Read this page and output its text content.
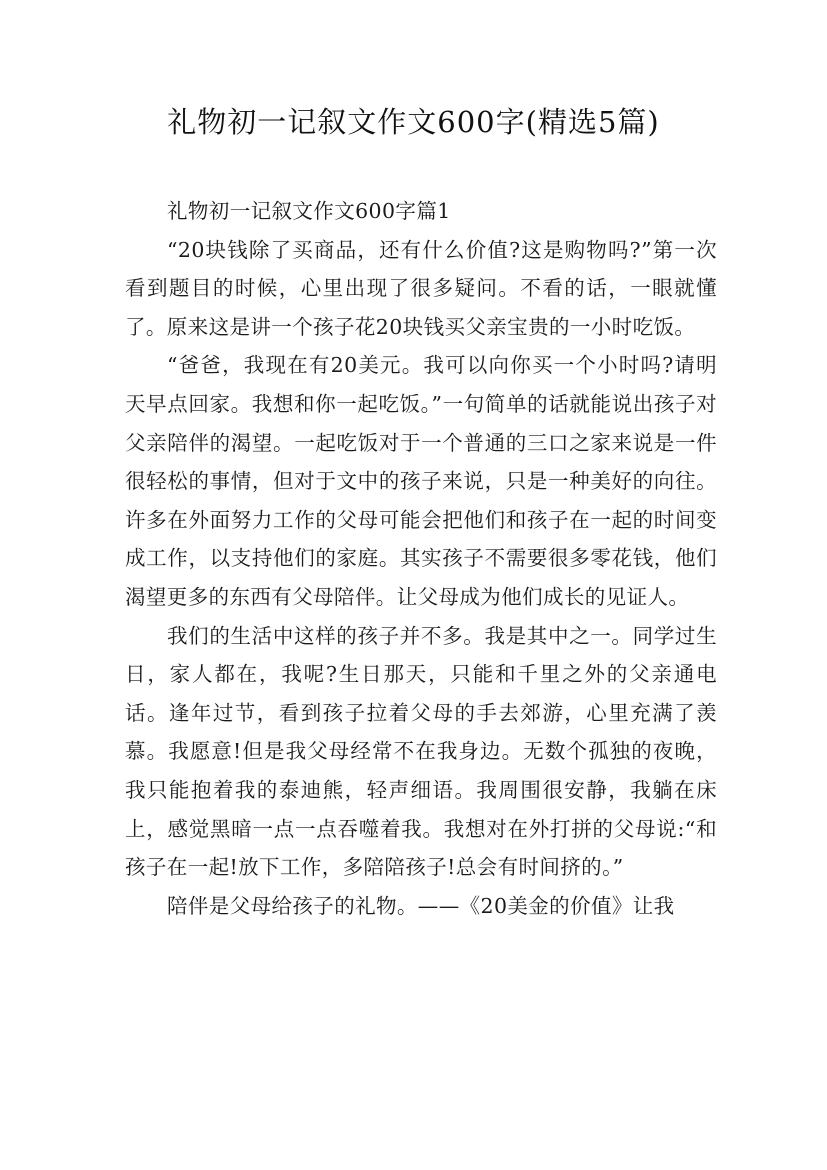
礼物初一记叙文作文600字(精选5篇)

礼物初一记叙文作文600字篇1

“20块钱除了买商品，还有什么价值?这是购物吗?”第一次看到题目的时候，心里出现了很多疑问。不看的话，一眼就懂了。原来这是讲一个孩子花20块钱买父亲宝贵的一小时吃饭。

“爸爸，我现在有20美元。我可以向你买一个小时吗?请明天早点回家。我想和你一起吃饭。”一句简单的话就能说出孩子对父亲陪伴的渴望。一起吃饭对于一个普通的三口之家来说是一件很轻松的事情，但对于文中的孩子来说，只是一种美好的向往。许多在外面努力工作的父母可能会把他们和孩子在一起的时间变成工作，以支持他们的家庭。其实孩子不需要很多零花钱，他们渴望更多的东西有父母陪伴。让父母成为他们成长的见证人。

我们的生活中这样的孩子并不多。我是其中之一。同学过生日，家人都在，我呢?生日那天，只能和千里之外的父亲通电话。逢年过节，看到孩子拉着父母的手去郊游，心里充满了羡慕。我愿意!但是我父母经常不在我身边。无数个孤独的夜晚，我只能抱着我的泰迪熊，轻声细语。我周围很安静，我躺在床上，感觉黑暗一点一点吞噬着我。我想对在外打拼的父母说:“和孩子在一起!放下工作，多陪陪孩子!总会有时间挤的。”

陪伴是父母给孩子的礼物。——《20美金的价值》让我
